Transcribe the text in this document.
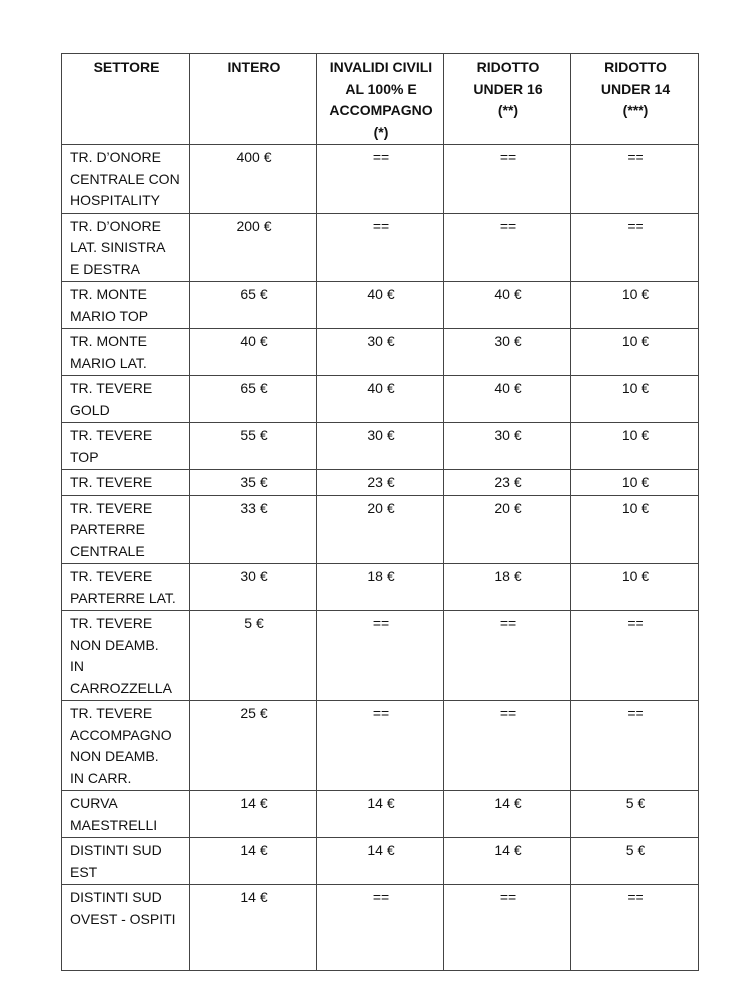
SETTORE	INTERO	INVALIDI CIVILI
AL 100% E
ACCOMPAGNO
(*)	RIDOTTO
UNDER 16
(**)	RIDOTTO
UNDER 14
(***)
TR. D’ONORE
CENTRALE CON
HOSPITALITY	400 €	==	==	==
TR. D’ONORE
LAT. SINISTRA
E DESTRA	200 €	==	==	==
TR. MONTE
MARIO TOP	65 €	40 €	40 €	10 €
TR. MONTE
MARIO LAT.	40 €	30 €	30 €	10 €
TR. TEVERE
GOLD	65 €	40 €	40 €	10 €
TR. TEVERE
TOP	55 €	30 €	30 €	10 €
TR. TEVERE	35 €	23 €	23 €	10 €
TR. TEVERE
PARTERRE
CENTRALE	33 €	20 €	20 €	10 €
TR. TEVERE
PARTERRE LAT.	30 €	18 €	18 €	10 €
TR. TEVERE
NON DEAMB.
IN
CARROZZELLA	5 €	==	==	==
TR. TEVERE
ACCOMPAGNO
NON DEAMB.
IN CARR.	25 €	==	==	==
CURVA
MAESTRELLI	14 €	14 €	14 €	5 €
DISTINTI SUD
EST	14 €	14 €	14 €	5 €
DISTINTI SUD
OVEST - OSPITI	14 €	==	==	==
